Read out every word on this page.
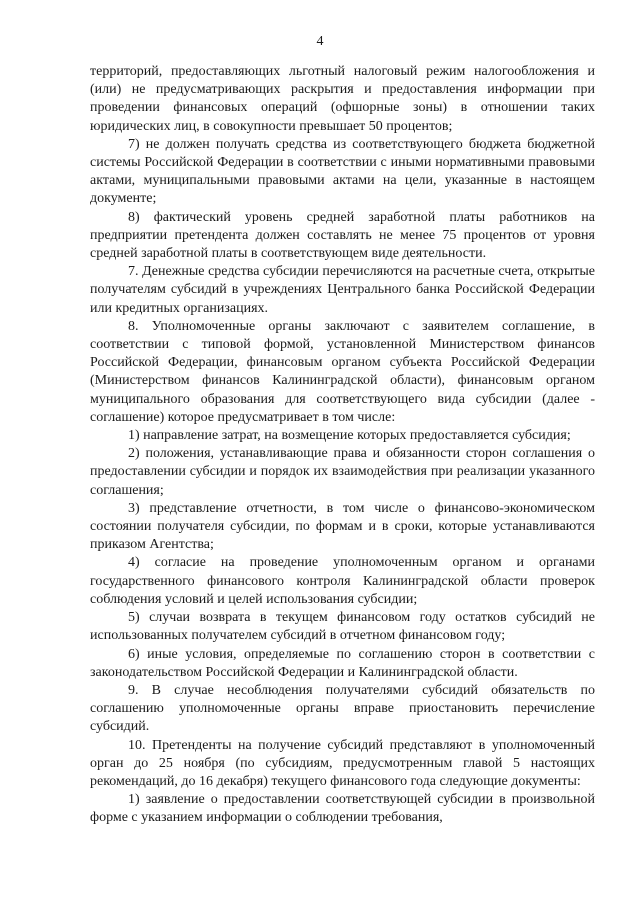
4

территорий, предоставляющих льготный налоговый режим налогообложения и (или) не предусматривающих раскрытия и предоставления информации при проведении финансовых операций (офшорные зоны) в отношении таких юридических лиц, в совокупности превышает 50 процентов;

7) не должен получать средства из соответствующего бюджета бюджетной системы Российской Федерации в соответствии с иными нормативными правовыми актами, муниципальными правовыми актами на цели, указанные в настоящем документе;

8) фактический уровень средней заработной платы работников на предприятии претендента должен составлять не менее 75 процентов от уровня средней заработной платы в соответствующем виде деятельности.

7. Денежные средства субсидии перечисляются на расчетные счета, открытые получателям субсидий в учреждениях Центрального банка Российской Федерации или кредитных организациях.

8. Уполномоченные органы заключают с заявителем соглашение, в соответствии с типовой формой, установленной Министерством финансов Российской Федерации, финансовым органом субъекта Российской Федерации (Министерством финансов Калининградской области), финансовым органом муниципального образования для соответствующего вида субсидии (далее - соглашение) которое предусматривает в том числе:

1) направление затрат, на возмещение которых предоставляется субсидия;

2) положения, устанавливающие права и обязанности сторон соглашения о предоставлении субсидии и порядок их взаимодействия при реализации указанного соглашения;

3) представление отчетности, в том числе о финансово-экономическом состоянии получателя субсидии, по формам и в сроки, которые устанавливаются приказом Агентства;

4) согласие на проведение уполномоченным органом и органами государственного финансового контроля Калининградской области проверок соблюдения условий и целей использования субсидии;

5) случаи возврата в текущем финансовом году остатков субсидий не использованных получателем субсидий в отчетном финансовом году;

6) иные условия, определяемые по соглашению сторон в соответствии с законодательством Российской Федерации и Калининградской области.

9. В случае несоблюдения получателями субсидий обязательств по соглашению уполномоченные органы вправе приостановить перечисление субсидий.

10. Претенденты на получение субсидий представляют в уполномоченный орган до 25 ноября (по субсидиям, предусмотренным главой 5 настоящих рекомендаций, до 16 декабря) текущего финансового года следующие документы:

1) заявление о предоставлении соответствующей субсидии в произвольной форме с указанием информации о соблюдении требования,
